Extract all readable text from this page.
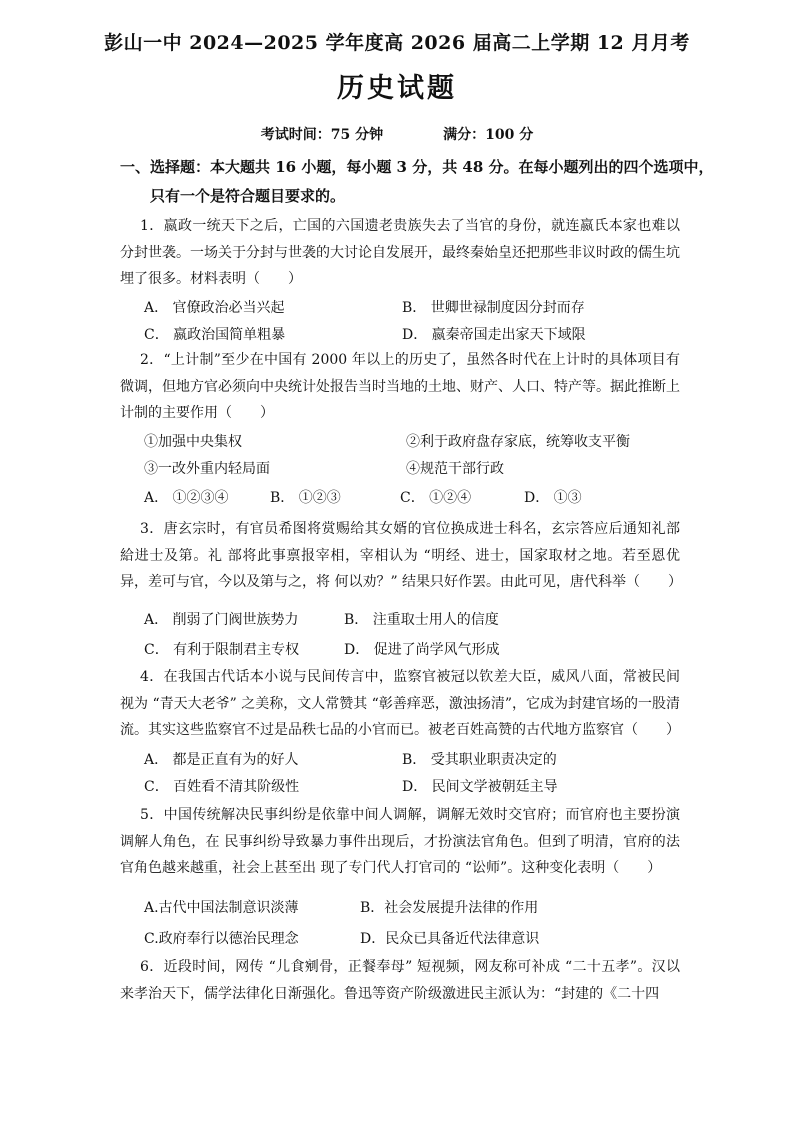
彭山一中 2024—2025 学年度高 2026 届高二上学期 12 月月考
历史试题
考试时间：75 分钟	满分：100 分
一、选择题：本大题共 16 小题，每小题 3 分，共 48 分。在每小题列出的四个选项中，只有一个是符合题目要求的。
1．嬴政一统天下之后，亡国的六国遗老贵族失去了当官的身份，就连嬴氏本家也难以分封世袭。一场关于分封与世袭的大讨论自发展开，最终秦始皇还把那些非议时政的儒生坑埋了很多。材料表明（　　）
A． 官僚政治必当兴起	B． 世卿世禄制度因分封而存
C． 嬴政治国简单粗暴	D． 嬴秦帝国走出家天下域限
2．“上计制”至少在中国有 2000 年以上的历史了，虽然各时代在上计时的具体项目有微调，但地方官必须向中央统计处报告当时当地的土地、财产、人口、特产等。据此推断上计制的主要作用（　　）
①加强中央集权	②利于政府盘存家底，统筹收支平衡
③一改外重内轻局面	④规范干部行政
A． ①②③④	B． ①②③	C． ①②④	D． ①③
3．唐玄宗时，有官员希图将赏赐给其女婿的官位换成进士科名，玄宗答应后通知礼部給进士及第。礼 部将此事禀报宰相，宰相认为 “明经、进士，国家取材之地。若至恩优异，差可与官，今以及第与之，将 何以劝？” 结果只好作罢。由此可见，唐代科举（　　）
A． 削弱了门阀世族势力	B． 注重取士用人的信度
C． 有利于限制君主专权	D． 促进了尚学风气形成
4．在我国古代话本小说与民间传言中，监察官被冠以钦差大臣，威风八面，常被民间视为 “青天大老爷” 之美称，文人常赞其 “彰善痒恶，激浊扬清”，它成为封建官场的一股清流。其实这些监察官不过是品秩七品的小官而已。被老百姓高赞的古代地方监察官（　　）
A． 都是正直有为的好人	B． 受其职业职责决定的
C． 百姓看不清其阶级性	D． 民间文学被朝廷主导
5．中国传统解决民事纠纷是依靠中间人调解，调解无效时交官府；而官府也主要扮演调解人角色，在 民事纠纷导致暴力事件出现后，才扮演法官角色。但到了明清，官府的法官角色越来越重，社会上甚至出 现了专门代人打官司的 “讼师”。这种变化表明（　　）
A.古代中国法制意识淡薄	B．社会发展提升法律的作用
C.政府奉行以德治民理念	D．民众已具备近代法律意识
6．近段时间，网传 “儿食剜骨，正餐奉母” 短视频，网友称可补成 “二十五孝”。汉以来孝治天下，儒学法律化日渐强化。鲁迅等资产阶级激进民主派认为：“封建的《二十四
